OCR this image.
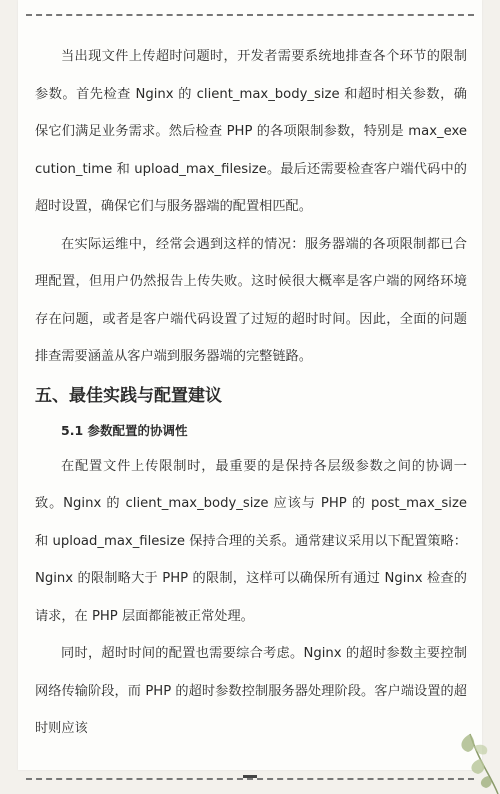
当出现文件上传超时问题时，开发者需要系统地排查各个环节的限制参数。首先检查 Nginx 的 client_max_body_size 和超时相关参数，确保它们满足业务需求。然后检查 PHP 的各项限制参数，特别是 max_execution_time 和 upload_max_filesize。最后还需要检查客户端代码中的超时设置，确保它们与服务器端的配置相匹配。

在实际运维中，经常会遇到这样的情况：服务器端的各项限制都已合理配置，但用户仍然报告上传失败。这时候很大概率是客户端的网络环境存在问题，或者是客户端代码设置了过短的超时时间。因此，全面的问题排查需要涵盖从客户端到服务器端的完整链路。

五、最佳实践与配置建议
5.1 参数配置的协调性

在配置文件上传限制时，最重要的是保持各层级参数之间的协调一致。Nginx 的 client_max_body_size 应该与 PHP 的 post_max_size 和 upload_max_filesize 保持合理的关系。通常建议采用以下配置策略：Nginx 的限制略大于 PHP 的限制，这样可以确保所有通过 Nginx 检查的请求，在 PHP 层面都能被正常处理。

同时，超时时间的配置也需要综合考虑。Nginx 的超时参数主要控制网络传输阶段，而 PHP 的超时参数控制服务器处理阶段。客户端设置的超时则应该
